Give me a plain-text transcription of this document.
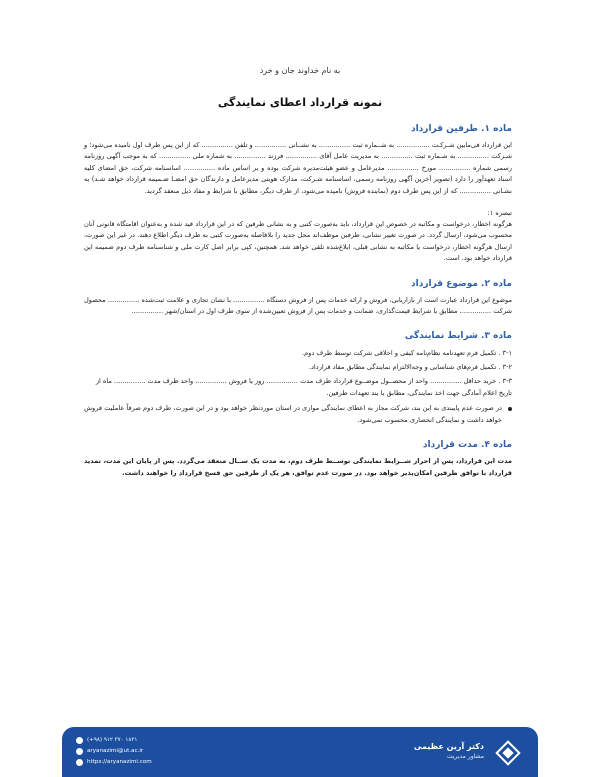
به نام خداوند جان و خرد
نمونه قرارداد اعطای نمایندگی
ماده ۱. طرفین قرارداد

این قرارداد فی‌مابین شـرکـت ................ به شــماره ثبت ............... به نشــانی ............... و تلفن ............... که از این پس طرف اول نامیده می‌شود؛ و شـرکت ............... به شـماره ثبت ............... به مدیریت عامل آقای ............... فرزند ............... به شماره ملی ............... که به موجب آگهی روزنامه رسمی شماره ............... مورخ ............... مدیرعامل و عضو هیئت‌مدیره شرکت بوده و بر اساس ماده ............... اساسنامه شرکت، حق امضای کلیه اسناد تعهدآور را دارد (تصویر آخرین آگهی روزنامه رسمی، اساسنامه شـرکت، مدارک هویتی مدیرعامل و دارندگان حق امضـا ضـمیمه قرارداد خواهد شـد) به نشـانی ............... که از این پس طرف دوم (نماینده فروش) نامیده می‌شود، از طرف دیگر، مطابق با شرایط و مفاد ذیل منعقد گردید.

تبصره ۱:

هرگونه اخطار، درخواست و مکاتبه در خصوص این قرارداد، باید به‌صورت کتبی و به نشانی طرفین که در این قرارداد قید شده و به‌عنوان اقامتگاه قانونی آنان محسوب می‌شود، ارسال گردد. در صورت تغییر نشانی، طرفین موظف‌اند محل جدید را بلافاصله به‌صورت کتبی به طرف دیگر اطلاع دهند. در غیر این صورت، ارسال هرگونه اخطار، درخواست یا مکاتبه به نشانی قبلی، ابلاغ‌شده تلقی خواهد شد. همچنین، کپی برابر اصل کارت ملی و شناسنامه طرف دوم ضمیمه این قرارداد خواهد بود. است.

ماده ۲. موضوع قرارداد

موضوع این قرارداد عبارت است از بازاریابی، فروش و ارائه خدمات پس از فروش دستگاه ............... با نشان تجاری و علامت ثبت‌شده ............... محصول شرکت ............... مطابق با شرایط قیمت‌گذاری، ضمانت و خدمات پس از فروش تعیین‌شده از سوی طرف اول در استان/شهر ...............

ماده ۳. شرایط نمایندگی
۳-۱ . تکمیل فرم تعهدنامه نظام‌نامه کیفی و اخلاقی شرکت توسط طرف دوم.
۳-۲ . تکمیل فرم‌های شناسایی و وجه‌الالتزام نمایندگی مطابق مفاد قرارداد.
۳-۳ . خرید حداقل ............... واحد از محصــول موضــوع قرارداد ظرف مدت ............... روز یا فروش ............... واحد ظرف مدت ............... ماه از تاریخ اعلام آمادگی جهت اخذ نمایندگی، مطابق با بند تعهدات طرفین.

در صورت عدم پایبندی به این بند، شرکت مجاز به اعطای نمایندگی موازی در استان موردنظر خواهد بود و در این صورت، طرف دوم صرفاً عاملیت فروش خواهد داشت و نمایندگی انحصاری محسوب نمی‌شود.

ماده ۴. مدت قرارداد

مدت این قرارداد، پس از احراز شــرایط نمایندگی توســط طرف دوم، به مدت یک ســال منعقد می‌گردد. پس از پایان این مدت، تمدید قرارداد با توافق طرفین امکان‌پذیر خواهد بود. در صورت عدم توافق، هر یک از طرفین حق فسخ قرارداد را خواهند داشت.

دکتر آرین عظیمی
مشاور مدیریت
(+۹۸) ۹۱۲ ۳۷۰ ۱۸۲۱
aryanazimi@ut.ac.ir
https://aryanazimi.com
